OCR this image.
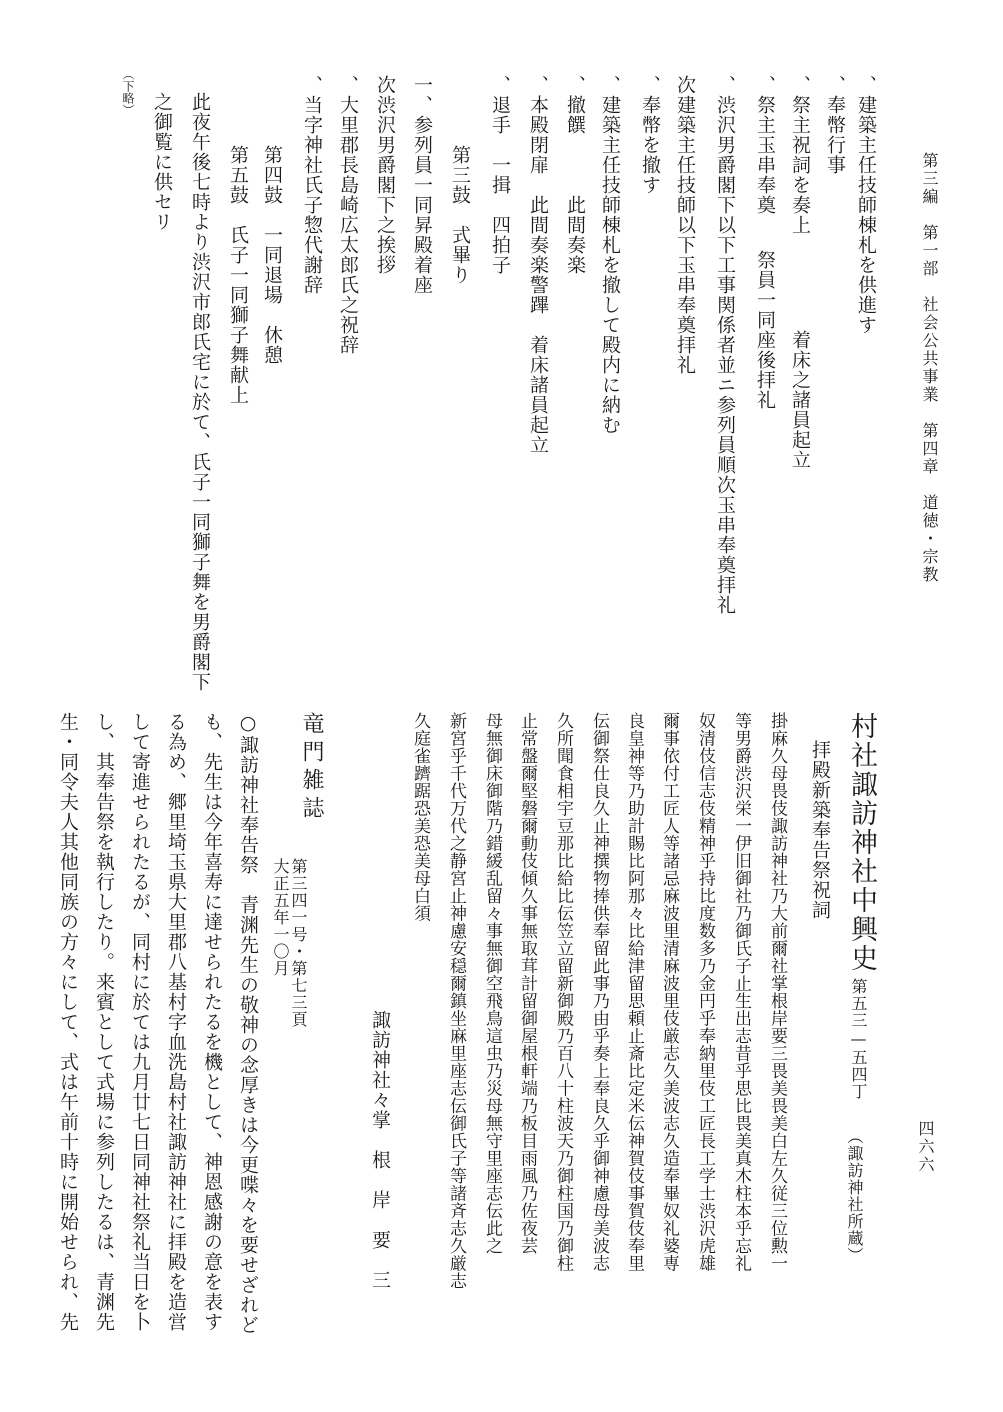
第三編　第一部　社会公共事業　第四章　道徳・宗教
四六六
、建築主任技師棟札を供進す
、奉幣行事
、祭主祝詞を奏上
着床之諸員起立
、祭主玉串奉奠
祭員一同座後拝礼
、渋沢男爵閣下以下工事関係者並ニ参列員順次玉串奉奠拝礼
次建築主任技師以下玉串奉奠拝礼
、奉幣を撤す
、建築主任技師棟札を撤して殿内に納む
、撤饌
此間奏楽
、本殿閉扉
此間奏楽警蹕　着床諸員起立
、退手　一揖　四拍子
第三鼓　式畢り
一、参列員一同昇殿着座
次渋沢男爵閣下之挨拶
、大里郡長島崎広太郎氏之祝辞
、当字神社氏子惣代謝辞
第四鼓　一同退場　休憩
第五鼓　氏子一同獅子舞献上
此夜午後七時より渋沢市郎氏宅に於て、氏子一同獅子舞を男爵閣下
之御覧に供セリ
（下略）
村社諏訪神社中興史
第五三—五四丁
（諏訪神社所蔵）
拝殿新築奉告祭祝詞
掛麻久母畏伎諏訪神社乃大前爾社掌根岸要三畏美畏美白左久従三位勲一
等男爵渋沢栄一伊旧御社乃御氏子止生出志昔乎思比畏美真木柱本乎忘礼
奴清伎信志伎精神乎持比度数多乃金円乎奉納里伎工匠長工学士渋沢虎雄
爾事依付工匠人等諸忌麻波里清麻波里伎厳志久美波志久造奉畢奴礼婆専
良皇神等乃助計賜比阿那々比給津留思頼止斎比定米伝神賀伎事賀伎奉里
伝御祭仕良久止神撰物捧供奉留此事乃由乎奏上奉良久乎御神慮母美波志
久所聞食相宇豆那比給比伝笠立留新御殿乃百八十柱波天乃御柱国乃御柱
止常盤爾堅磐爾動伎傾久事無取茸計留御屋根軒端乃板目雨風乃佐夜芸
母無御床御階乃錯緩乱留々事無御空飛鳥這虫乃災母無守里座志伝此之
新宮乎千代万代之静宮止神慮安穏爾鎮坐麻里座志伝御氏子等諸斉志久厳志
久庭雀躋踞恐美恐美母白須
諏訪神社々掌　根　岸　要　三
竜門雑誌
第三四一号・第七三頁
大正五年一〇月
○諏訪神社奉告祭　青渊先生の敬神の念厚きは今更喋々を要せざれど
も、先生は今年喜寿に達せられたるを機として、神恩感謝の意を表す
る為め、郷里埼玉県大里郡八基村字血洗島村社諏訪神社に拝殿を造営
して寄進せられたるが、同村に於ては九月廿七日同神社祭礼当日を卜
し、其奉告祭を執行したり。来賓として式場に参列したるは、青渊先
生・同令夫人其他同族の方々にして、式は午前十時に開始せられ、先
